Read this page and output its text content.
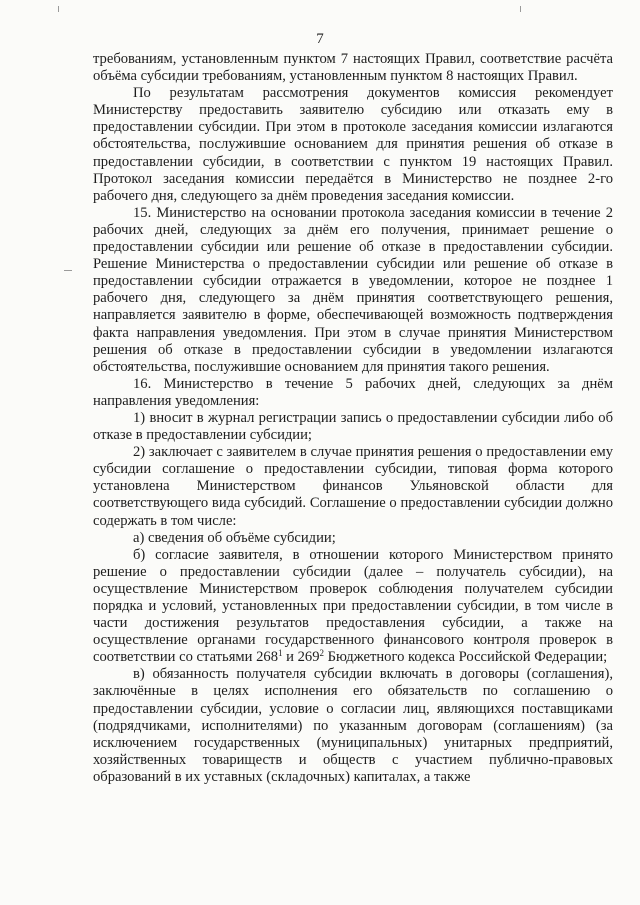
7

требованиям, установленным пунктом 7 настоящих Правил, соответствие расчёта объёма субсидии требованиям, установленным пунктом 8 настоящих Правил.

По результатам рассмотрения документов комиссия рекомендует Министерству предоставить заявителю субсидию или отказать ему в предоставлении субсидии. При этом в протоколе заседания комиссии излагаются обстоятельства, послужившие основанием для принятия решения об отказе в предоставлении субсидии, в соответствии с пунктом 19 настоящих Правил. Протокол заседания комиссии передаётся в Министерство не позднее 2-го рабочего дня, следующего за днём проведения заседания комиссии.

15. Министерство на основании протокола заседания комиссии в течение 2 рабочих дней, следующих за днём его получения, принимает решение о предоставлении субсидии или решение об отказе в предоставлении субсидии. Решение Министерства о предоставлении субсидии или решение об отказе в предоставлении субсидии отражается в уведомлении, которое не позднее 1 рабочего дня, следующего за днём принятия соответствующего решения, направляется заявителю в форме, обеспечивающей возможность подтверждения факта направления уведомления. При этом в случае принятия Министерством решения об отказе в предоставлении субсидии в уведомлении излагаются обстоятельства, послужившие основанием для принятия такого решения.

16. Министерство в течение 5 рабочих дней, следующих за днём направления уведомления:

1) вносит в журнал регистрации запись о предоставлении субсидии либо об отказе в предоставлении субсидии;

2) заключает с заявителем в случае принятия решения о предоставлении ему субсидии соглашение о предоставлении субсидии, типовая форма которого установлена Министерством финансов Ульяновской области для соответствующего вида субсидий. Соглашение о предоставлении субсидии должно содержать в том числе:

а) сведения об объёме субсидии;

б) согласие заявителя, в отношении которого Министерством принято решение о предоставлении субсидии (далее – получатель субсидии), на осуществление Министерством проверок соблюдения получателем субсидии порядка и условий, установленных при предоставлении субсидии, в том числе в части достижения результатов предоставления субсидии, а также на осуществление органами государственного финансового контроля проверок в соответствии со статьями $268^1$ и $269^2$ Бюджетного кодекса Российской Федерации;

в) обязанность получателя субсидии включать в договоры (соглашения), заключённые в целях исполнения его обязательств по соглашению о предоставлении субсидии, условие о согласии лиц, являющихся поставщиками (подрядчиками, исполнителями) по указанным договорам (соглашениям) (за исключением государственных (муниципальных) унитарных предприятий, хозяйственных товариществ и обществ с участием публично-правовых образований в их уставных (складочных) капиталах, а также
